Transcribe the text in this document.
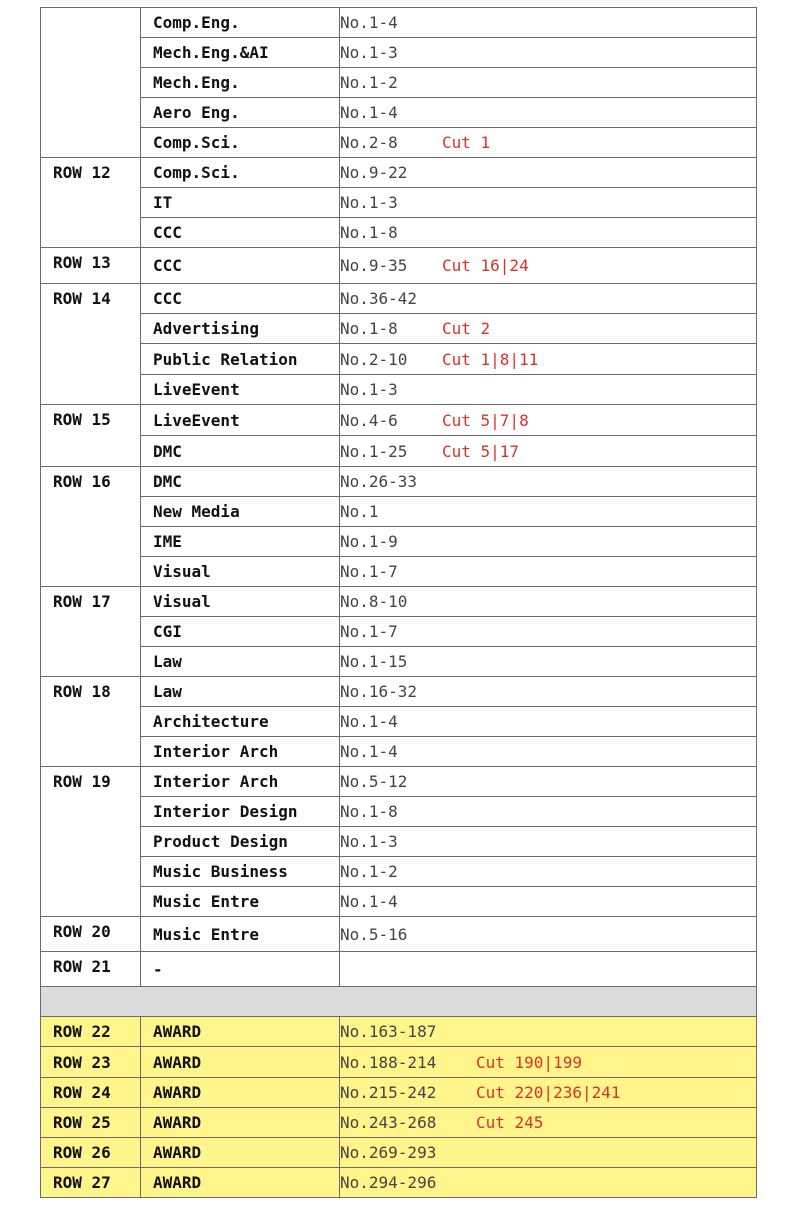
	Comp.Eng.	No.1-4
	Mech.Eng.&AI	No.1-3
	Mech.Eng.	No.1-2
	Aero Eng.	No.1-4
	Comp.Sci.	No.2-8 Cut 1
ROW 12	Comp.Sci.	No.9-22
	IT	No.1-3
	CCC	No.1-8
ROW 13	CCC	No.9-35 Cut 16|24
ROW 14	CCC	No.36-42
	Advertising	No.1-8 Cut 2
	Public Relation	No.2-10 Cut 1|8|11
	LiveEvent	No.1-3
ROW 15	LiveEvent	No.4-6 Cut 5|7|8
	DMC	No.1-25 Cut 5|17
ROW 16	DMC	No.26-33
	New Media	No.1
	IME	No.1-9
	Visual	No.1-7
ROW 17	Visual	No.8-10
	CGI	No.1-7
	Law	No.1-15
ROW 18	Law	No.16-32
	Architecture	No.1-4
	Interior Arch	No.1-4
ROW 19	Interior Arch	No.5-12
	Interior Design	No.1-8
	Product Design	No.1-3
	Music Business	No.1-2
	Music Entre	No.1-4
ROW 20	Music Entre	No.5-16
ROW 21	-	

ROW 22	AWARD	No.163-187
ROW 23	AWARD	No.188-214 Cut 190|199
ROW 24	AWARD	No.215-242 Cut 220|236|241
ROW 25	AWARD	No.243-268 Cut 245
ROW 26	AWARD	No.269-293
ROW 27	AWARD	No.294-296
